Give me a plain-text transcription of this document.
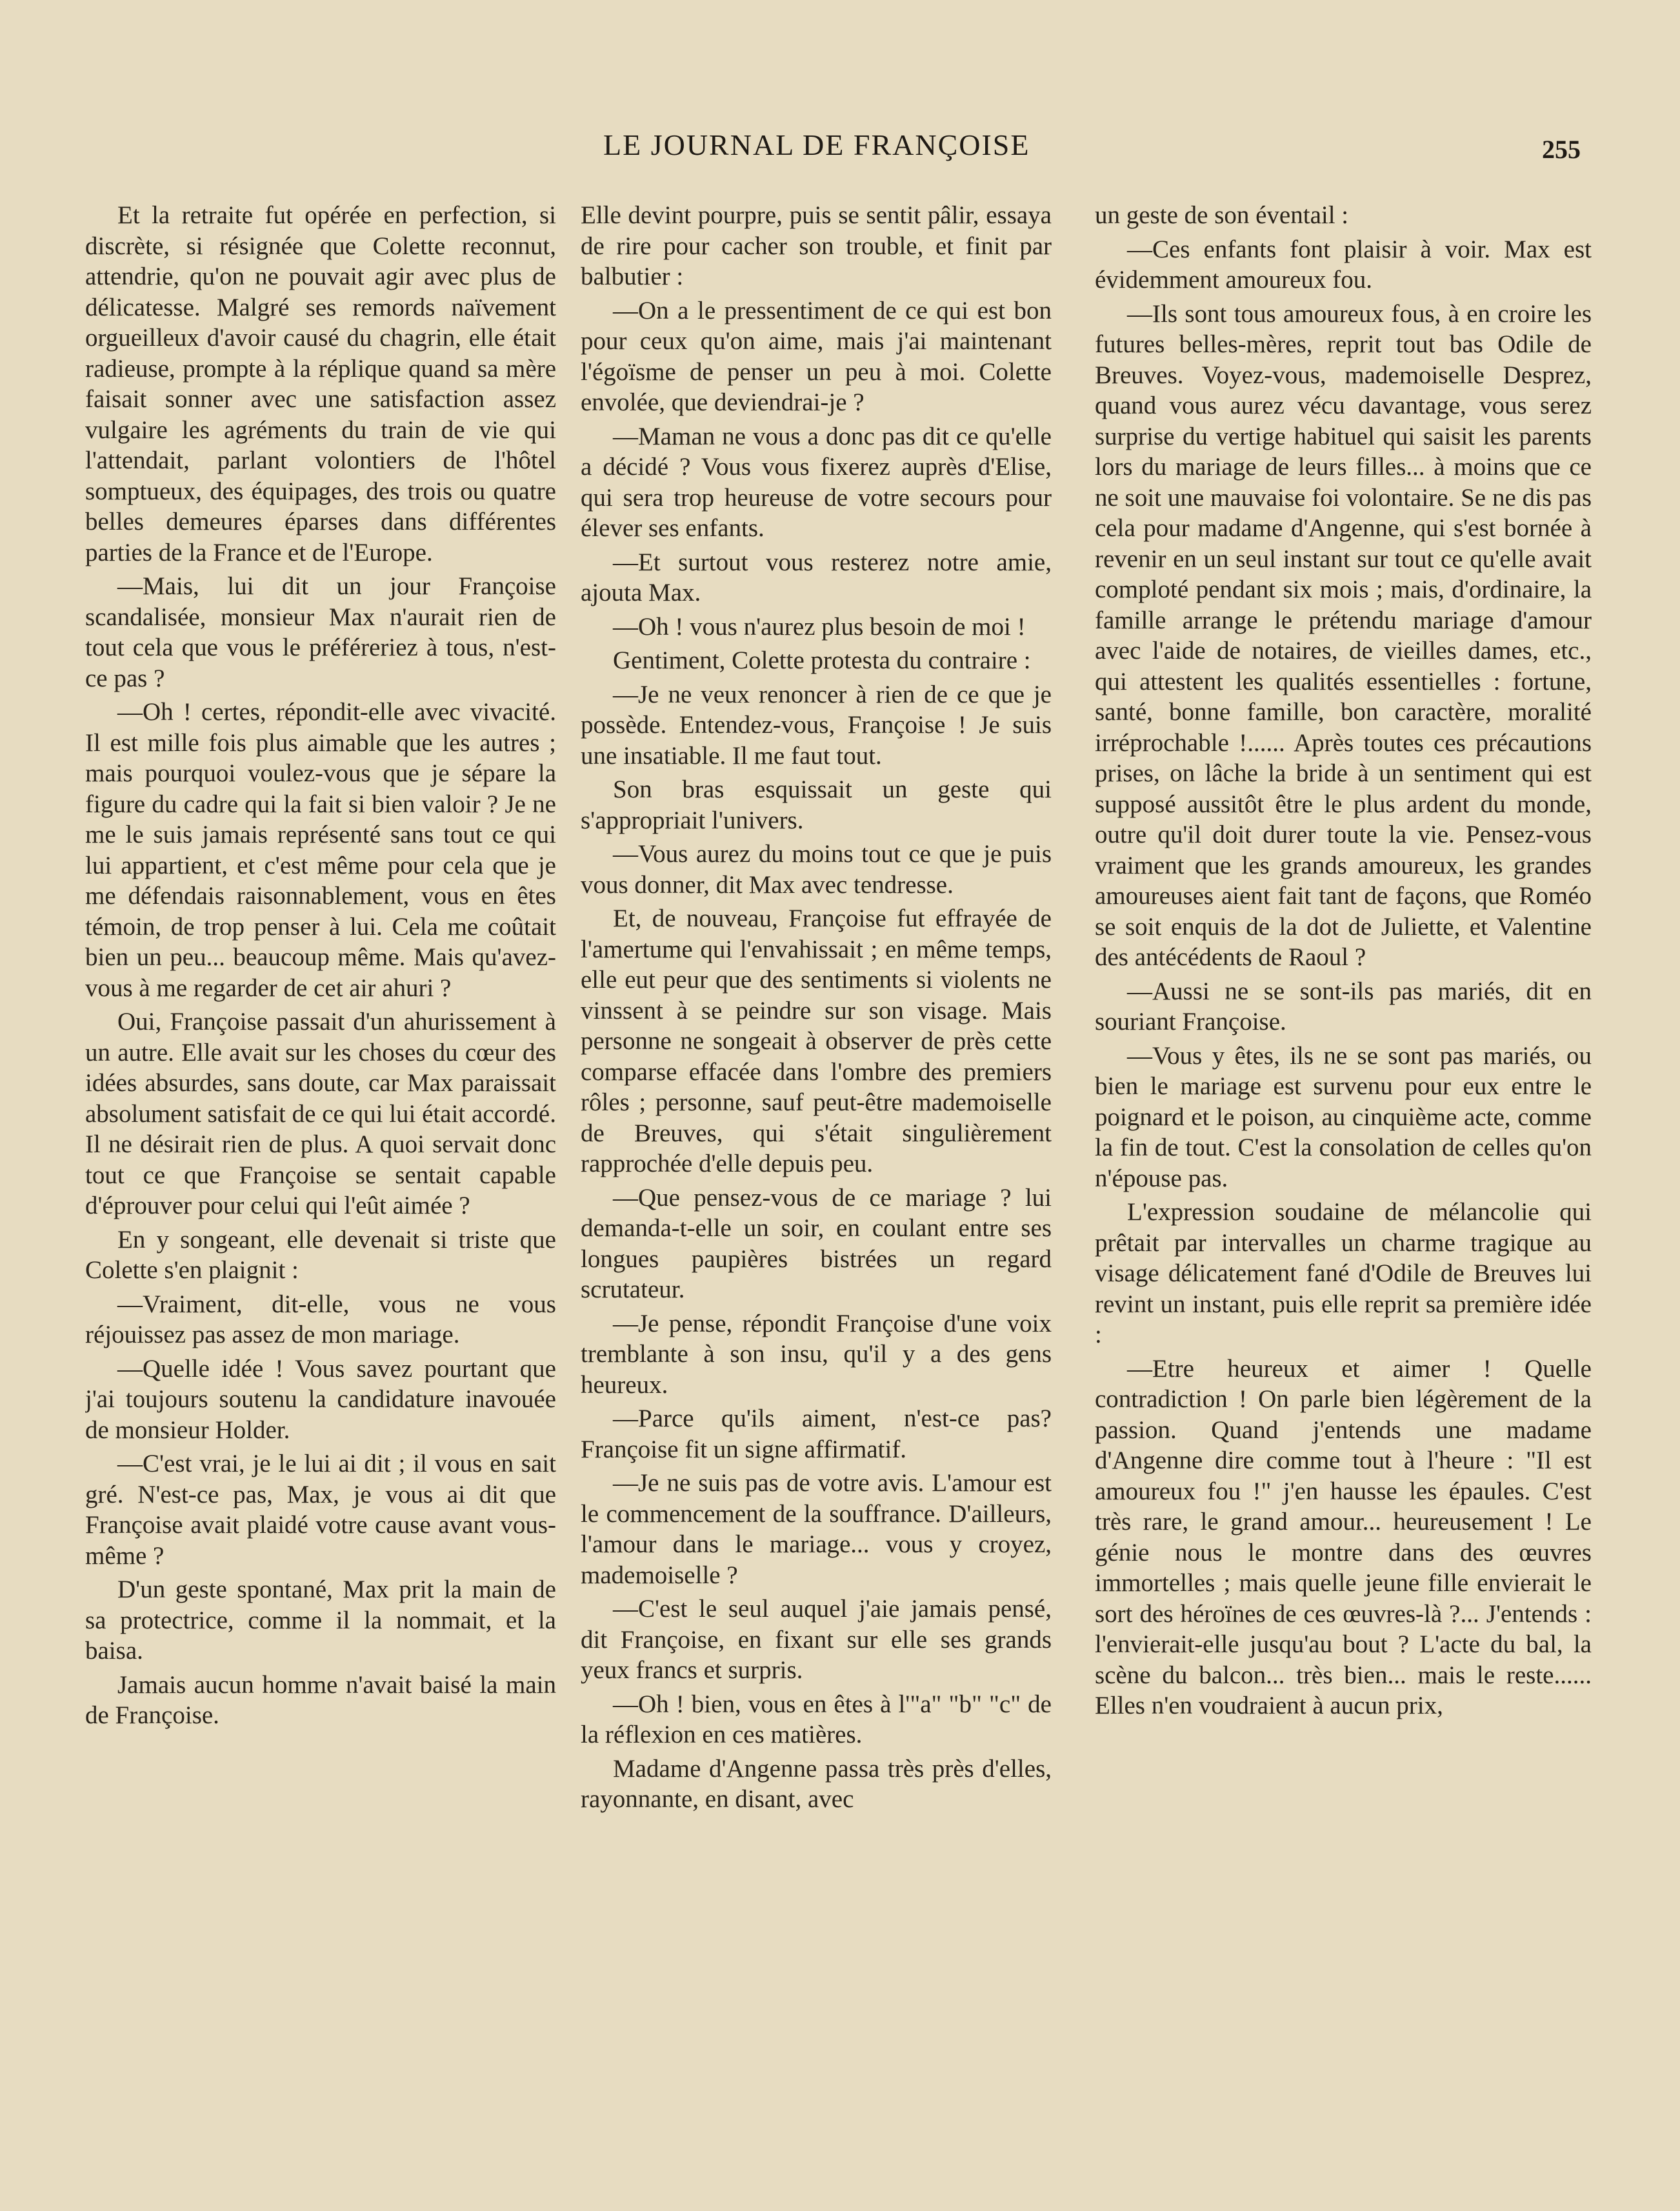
LE JOURNAL DE FRANÇOISE	255

Et la retraite fut opérée en perfection, si discrète, si résignée que Colette reconnut, attendrie, qu'on ne pouvait agir avec plus de délicatesse. Malgré ses remords naïvement orgueilleux d'avoir causé du chagrin, elle était radieuse, prompte à la réplique quand sa mère faisait sonner avec une satisfaction assez vulgaire les agréments du train de vie qui l'attendait, parlant volontiers de l'hôtel somptueux, des équipages, des trois ou quatre belles demeures éparses dans différentes parties de la France et de l'Europe.

—Mais, lui dit un jour Françoise scandalisée, monsieur Max n'aurait rien de tout cela que vous le préféreriez à tous, n'est-ce pas ?

—Oh ! certes, répondit-elle avec vivacité. Il est mille fois plus aimable que les autres ; mais pourquoi voulez-vous que je sépare la figure du cadre qui la fait si bien valoir ? Je ne me le suis jamais représenté sans tout ce qui lui appartient, et c'est même pour cela que je me défendais raisonnablement, vous en êtes témoin, de trop penser à lui. Cela me coûtait bien un peu... beaucoup même. Mais qu'avez-vous à me regarder de cet air ahuri ?

Oui, Françoise passait d'un ahurissement à un autre. Elle avait sur les choses du cœur des idées absurdes, sans doute, car Max paraissait absolument satisfait de ce qui lui était accordé. Il ne désirait rien de plus. A quoi servait donc tout ce que Françoise se sentait capable d'éprouver pour celui qui l'eût aimée ?

En y songeant, elle devenait si triste que Colette s'en plaignit :

—Vraiment, dit-elle, vous ne vous réjouissez pas assez de mon mariage.

—Quelle idée ! Vous savez pourtant que j'ai toujours soutenu la candidature inavouée de monsieur Holder.

—C'est vrai, je le lui ai dit ; il vous en sait gré. N'est-ce pas, Max, je vous ai dit que Françoise avait plaidé votre cause avant vous-même ?

D'un geste spontané, Max prit la main de sa protectrice, comme il la nommait, et la baisa.

Jamais aucun homme n'avait baisé la main de Françoise.

Elle devint pourpre, puis se sentit pâlir, essaya de rire pour cacher son trouble, et finit par balbutier :

—On a le pressentiment de ce qui est bon pour ceux qu'on aime, mais j'ai maintenant l'égoïsme de penser un peu à moi. Colette envolée, que deviendrai-je ?

—Maman ne vous a donc pas dit ce qu'elle a décidé ? Vous vous fixerez auprès d'Elise, qui sera trop heureuse de votre secours pour élever ses enfants.

—Et surtout vous resterez notre amie, ajouta Max.

—Oh ! vous n'aurez plus besoin de moi !

Gentiment, Colette protesta du contraire :

—Je ne veux renoncer à rien de ce que je possède. Entendez-vous, Françoise ! Je suis une insatiable. Il me faut tout.

Son bras esquissait un geste qui s'appropriait l'univers.

—Vous aurez du moins tout ce que je puis vous donner, dit Max avec tendresse.

Et, de nouveau, Françoise fut effrayée de l'amertume qui l'envahissait ; en même temps, elle eut peur que des sentiments si violents ne vinssent à se peindre sur son visage. Mais personne ne songeait à observer de près cette comparse effacée dans l'ombre des premiers rôles ; personne, sauf peut-être mademoiselle de Breuves, qui s'était singulièrement rapprochée d'elle depuis peu.

—Que pensez-vous de ce mariage ? lui demanda-t-elle un soir, en coulant entre ses longues paupières bistrées un regard scrutateur.

—Je pense, répondit Françoise d'une voix tremblante à son insu, qu'il y a des gens heureux.

—Parce qu'ils aiment, n'est-ce pas? Françoise fit un signe affirmatif.

—Je ne suis pas de votre avis. L'amour est le commencement de la souffrance. D'ailleurs, l'amour dans le mariage... vous y croyez, mademoiselle ?

—C'est le seul auquel j'aie jamais pensé, dit Françoise, en fixant sur elle ses grands yeux francs et surpris.

—Oh ! bien, vous en êtes à l'"a" "b" "c" de la réflexion en ces matières.

Madame d'Angenne passa très près d'elles, rayonnante, en disant, avec

un geste de son éventail :

—Ces enfants font plaisir à voir. Max est évidemment amoureux fou.

—Ils sont tous amoureux fous, à en croire les futures belles-mères, reprit tout bas Odile de Breuves. Voyez-vous, mademoiselle Desprez, quand vous aurez vécu davantage, vous serez surprise du vertige habituel qui saisit les parents lors du mariage de leurs filles... à moins que ce ne soit une mauvaise foi volontaire. Se ne dis pas cela pour madame d'Angenne, qui s'est bornée à revenir en un seul instant sur tout ce qu'elle avait comploté pendant six mois ; mais, d'ordinaire, la famille arrange le prétendu mariage d'amour avec l'aide de notaires, de vieilles dames, etc., qui attestent les qualités essentielles : fortune, santé, bonne famille, bon caractère, moralité irréprochable !...... Après toutes ces précautions prises, on lâche la bride à un sentiment qui est supposé aussitôt être le plus ardent du monde, outre qu'il doit durer toute la vie. Pensez-vous vraiment que les grands amoureux, les grandes amoureuses aient fait tant de façons, que Roméo se soit enquis de la dot de Juliette, et Valentine des antécédents de Raoul ?

—Aussi ne se sont-ils pas mariés, dit en souriant Françoise.

—Vous y êtes, ils ne se sont pas mariés, ou bien le mariage est survenu pour eux entre le poignard et le poison, au cinquième acte, comme la fin de tout. C'est la consolation de celles qu'on n'épouse pas.

L'expression soudaine de mélancolie qui prêtait par intervalles un charme tragique au visage délicatement fané d'Odile de Breuves lui revint un instant, puis elle reprit sa première idée :

—Etre heureux et aimer ! Quelle contradiction ! On parle bien légèrement de la passion. Quand j'entends une madame d'Angenne dire comme tout à l'heure : "Il est amoureux fou !" j'en hausse les épaules. C'est très rare, le grand amour... heureusement ! Le génie nous le montre dans des œuvres immortelles ; mais quelle jeune fille envierait le sort des héroïnes de ces œuvres-là ?... J'entends : l'envierait-elle jusqu'au bout ? L'acte du bal, la scène du balcon... très bien... mais le reste...... Elles n'en voudraient à aucun prix,
